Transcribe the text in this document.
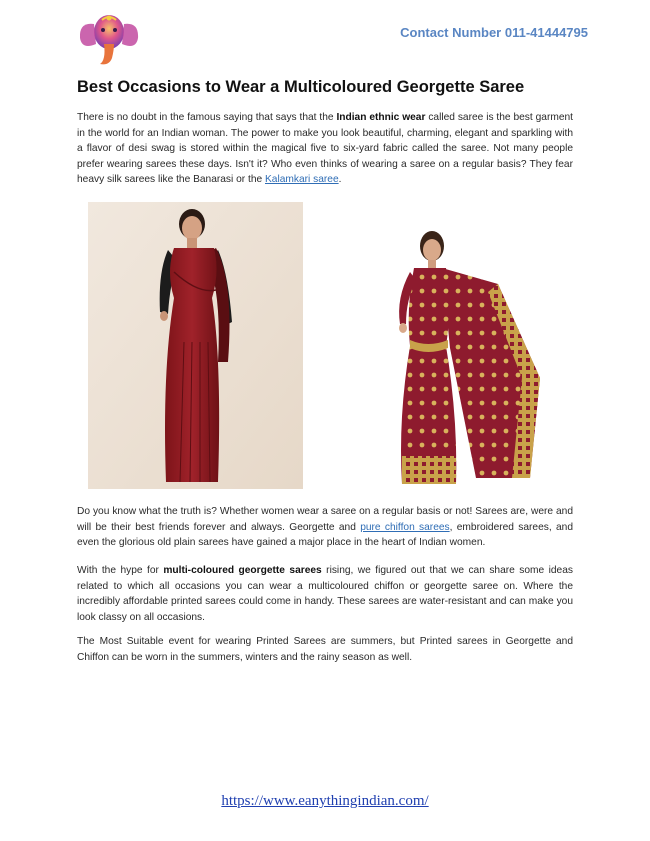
Contact Number 011-41444795
Best Occasions to Wear a Multicoloured Georgette Saree
There is no doubt in the famous saying that says that the Indian ethnic wear called saree is the best garment in the world for an Indian woman. The power to make you look beautiful, charming, elegant and sparkling with a flavor of desi swag is stored within the magical five to six-yard fabric called the saree. Not many people prefer wearing sarees these days. Isn't it? Who even thinks of wearing a saree on a regular basis? They fear heavy silk sarees like the Banarasi or the Kalamkari saree.
Do you know what the truth is? Whether women wear a saree on a regular basis or not! Sarees are, were and will be their best friends forever and always. Georgette and pure chiffon sarees, embroidered sarees, and even the glorious old plain sarees have gained a major place in the heart of Indian women.
With the hype for multi-coloured georgette sarees rising, we figured out that we can share some ideas related to which all occasions you can wear a multicoloured chiffon or georgette saree on. Where the incredibly affordable printed sarees could come in handy. These sarees are water-resistant and can make you look classy on all occasions.
The Most Suitable event for wearing Printed Sarees are summers, but Printed sarees in Georgette and Chiffon can be worn in the summers, winters and the rainy season as well.
https://www.eanythingindian.com/
